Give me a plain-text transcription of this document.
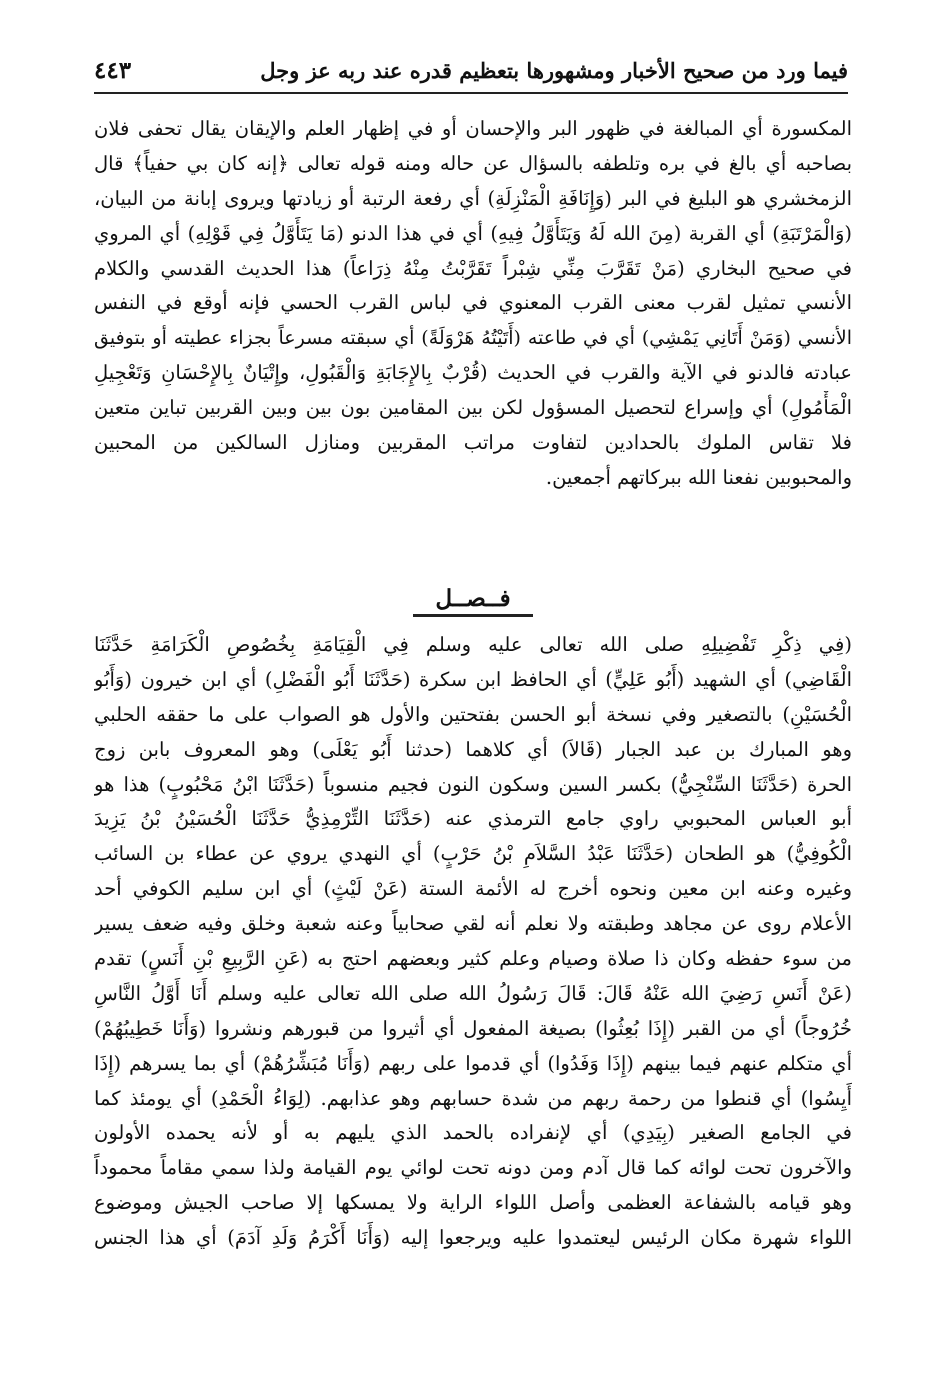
فيما ورد من صحيح الأخبار ومشهورها بتعظيم قدره عند ربه عز وجل
٤٤٣
المكسورة أي المبالغة في ظهور البر والإحسان أو في إظهار العلم والإيقان يقال تحفى فلان
بصاحبه أي بالغ في بره وتلطفه بالسؤال عن حاله ومنه قوله تعالى ﴿إنه كان بي حفياً﴾ قال
الزمخشري هو البليغ في البر (وَإِنَافَةِ الْمَنْزِلَةِ) أي رفعة الرتبة أو زيادتها ويروى إبانة من البيان،
(وَالْمَرْتَبَةِ) أي القربة (مِنَ الله لَهُ وَيَتَأَوَّلُ فِيهِ) أي في هذا الدنو (مَا يَتَأَوَّلُ فِي قَوْلِهِ) أي المروي
في صحيح البخاري (مَنْ تَقَرَّبَ مِنِّي شِبْراً تَقَرَّبْتُ مِنْهُ ذِرَاعاً) هذا الحديث القدسي والكلام
الأنسي تمثيل لقرب معنى القرب المعنوي في لباس القرب الحسي فإنه أوقع في النفس
الأنسي (وَمَنْ أَتَانِي يَمْشِي) أي في طاعته (أَتَيْتُهُ هَرْوَلَةً) أي سبقته مسرعاً بجزاء عطيته أو بتوفيق
عبادته فالدنو في الآية والقرب في الحديث (قُرْبٌ بِالإِجَابَةِ وَالْقَبُولِ، وإِتْيَانٌ بِالإِحْسَانِ وَتَعْجِيلِ
الْمَأْمُولِ) أي وإسراع لتحصيل المسؤول لكن بين المقامين بون بين وبين القربين تباين متعين
فلا تقاس الملوك بالحدادين لتفاوت مراتب المقربين ومنازل السالكين من المحبين
والمحبوبين نفعنا الله ببركاتهم أجمعين.
فــصــل
(فِي ذِكْرِ تَفْضِيلِهِ صلى الله تعالى عليه وسلم فِي الْقِيَامَةِ بِخُصُوصِ الْكَرَامَةِ حَدَّثَنَا
الْقَاضِي) أي الشهيد (أَبُو عَلِيٍّ) أي الحافظ ابن سكرة (حَدَّثَنَا أَبُو الْفَضْلِ) أي ابن خيرون (وَأَبُو
الْحُسَيْنِ) بالتصغير وفي نسخة أبو الحسن بفتحتين والأول هو الصواب على ما حققه الحلبي
وهو المبارك بن عبد الجبار (قَالاَ) أي كلاهما (حدثنا أَبُو يَعْلَى) وهو المعروف بابن زوج
الحرة (حَدَّثَنَا السِّنْجِيُّ) بكسر السين وسكون النون فجيم منسوباً (حَدَّثَنَا ابْنُ مَحْبُوبٍ) هذا هو
أبو العباس المحبوبي راوي جامع الترمذي عنه (حَدَّثَنَا التِّرْمِذِيُّ حَدَّثَنَا الْحُسَيْنُ بْنُ يَزِيدَ
الْكُوفِيُّ) هو الطحان (حَدَّثَنَا عَبْدُ السَّلاَمِ بْنُ حَرْبٍ) أي النهدي يروي عن عطاء بن السائب
وغيره وعنه ابن معين ونحوه أخرج له الأئمة الستة (عَنْ لَيْثٍ) أي ابن سليم الكوفي أحد
الأعلام روى عن مجاهد وطبقته ولا نعلم أنه لقي صحابياً وعنه شعبة وخلق وفيه ضعف يسير
من سوء حفظه وكان ذا صلاة وصيام وعلم كثير وبعضهم احتج به (عَنِ الرَّبِيعِ بْنِ أَنَسٍ) تقدم
(عَنْ أَنَسِ رَضِيَ الله عَنْهُ قَالَ: قَالَ رَسُولُ الله صلى الله تعالى عليه وسلم أَنَا أَوَّلُ النَّاسِ
خُرُوجاً) أي من القبر (إِذَا بُعِثُوا) بصيغة المفعول أي أثيروا من قبورهم ونشروا (وَأَنَا خَطِيبُهُمْ)
أي متكلم عنهم فيما بينهم (إِذَا وَفَدُوا) أي قدموا على ربهم (وَأَنَا مُبَشِّرُهُمْ) أي بما يسرهم (إِذَا
أَيِسُوا) أي قنطوا من رحمة ربهم من شدة حسابهم وهو عذابهم. (لِوَاءُ الْحَمْدِ) أي يومئذ كما
في الجامع الصغير (بِيَدِي) أي لإنفراده بالحمد الذي يليهم به أو لأنه يحمده الأولون
والآخرون تحت لوائه كما قال آدم ومن دونه تحت لوائي يوم القيامة ولذا سمي مقاماً محموداً
وهو قيامه بالشفاعة العظمى وأصل اللواء الراية ولا يمسكها إلا صاحب الجيش وموضوع
اللواء شهرة مكان الرئيس ليعتمدوا عليه ويرجعوا إليه (وَأَنَا أَكْرَمُ وَلَدِ آدَمَ) أي هذا الجنس
